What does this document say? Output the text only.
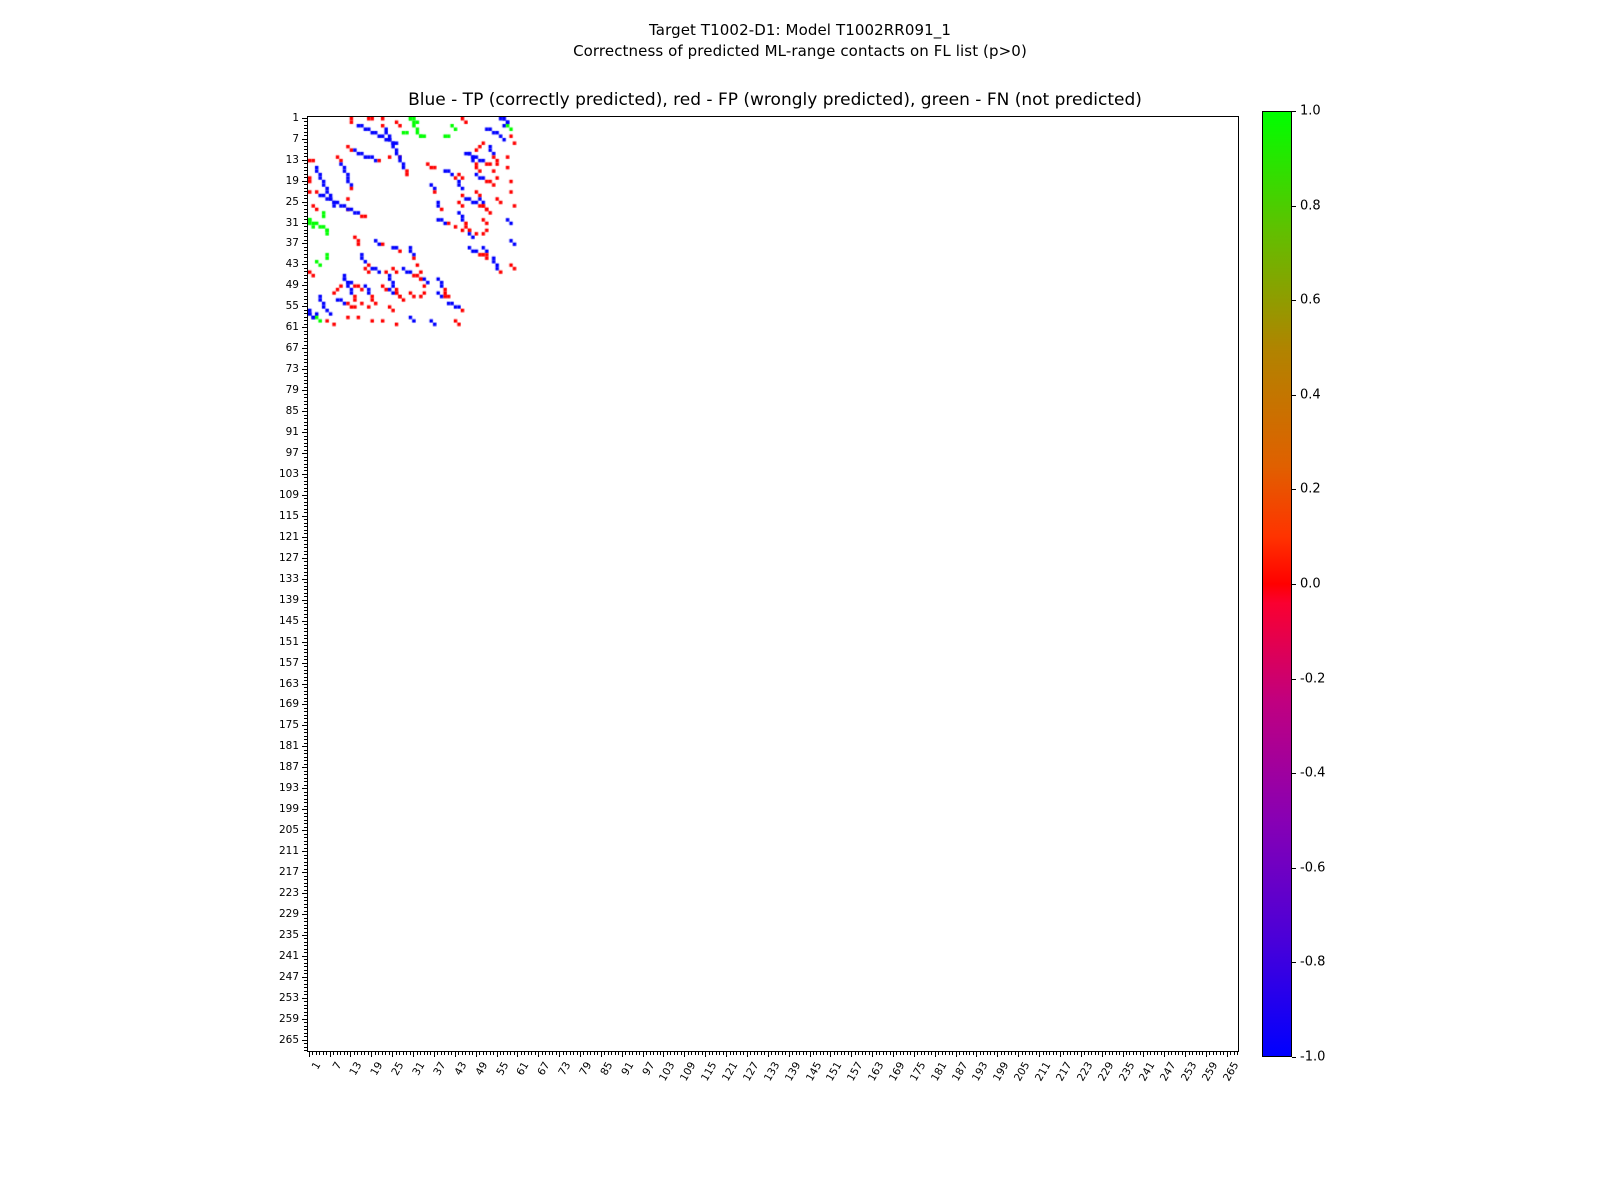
Target T1002-D1: Model T1002RR091_1
Correctness of predicted ML-range contacts on FL list (p>0)
Blue - TP (correctly predicted), red - FP (wrongly predicted), green - FN (not predicted)
1
7
13
19
25
31
37
43
49
55
61
67
73
79
85
91
97
103
109
115
121
127
133
139
145
151
157
163
169
175
181
187
193
199
205
211
217
223
229
235
241
247
253
259
265
1 7 13 19 25 31 37 43 49 55 61 67 73 79 85 91 97 103 109 115 121 127 133 139 145 151 157 163 169 175 181 187 193 199 205 211 217 223 229 235 241 247 253 259 265
1.0
0.8
0.6
0.4
0.2
0.0
-0.2
-0.4
-0.6
-0.8
-1.0
